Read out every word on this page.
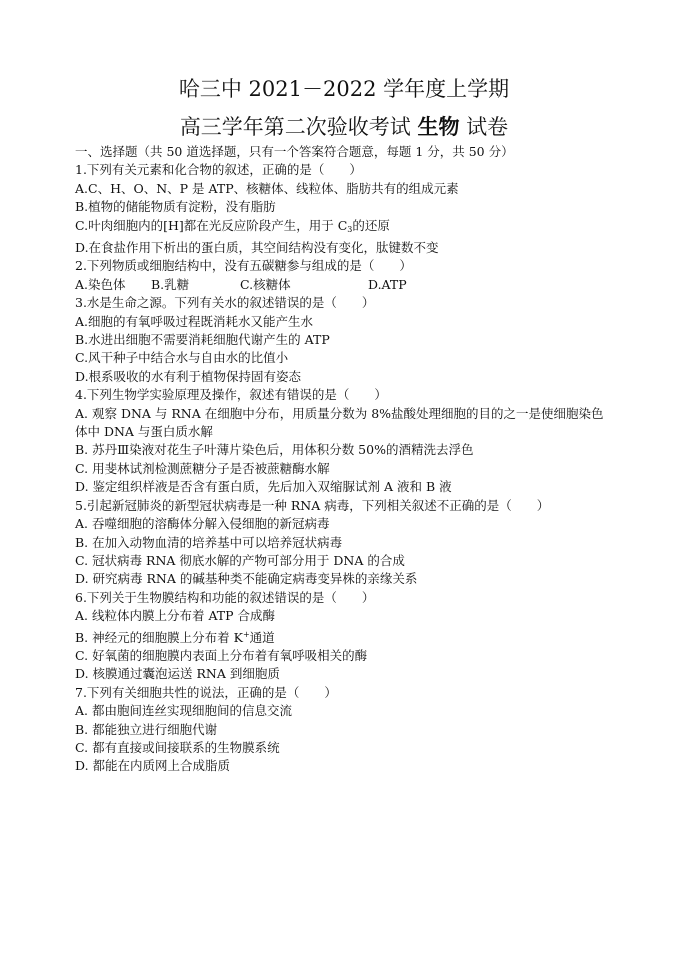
哈三中 2021－2022 学年度上学期
高三学年第二次验收考试 生物 试卷
一、选择题（共 50 道选择题，只有一个答案符合题意，每题 1 分，共 50 分）
1.下列有关元素和化合物的叙述，正确的是（　　）
A.C、H、O、N、P 是 ATP、核糖体、线粒体、脂肪共有的组成元素
B.植物的储能物质有淀粉，没有脂肪
C.叶肉细胞内的[H]都在光反应阶段产生，用于 $C_3$的还原
D.在食盐作用下析出的蛋白质，其空间结构没有变化，肽键数不变
2.下列物质或细胞结构中，没有五碳糖参与组成的是（　　）
A.染色体 B.乳糖	C.核糖体	D.ATP
3.水是生命之源。下列有关水的叙述错误的是（　　）
A.细胞的有氧呼吸过程既消耗水又能产生水
B.水进出细胞不需要消耗细胞代谢产生的 ATP
C.风干种子中结合水与自由水的比值小
D.根系吸收的水有利于植物保持固有姿态
4.下列生物学实验原理及操作，叙述有错误的是（　　）
A. 观察 DNA 与 RNA 在细胞中分布，用质量分数为 8%盐酸处理细胞的目的之一是使细胞染色体中 DNA 与蛋白质水解
B. 苏丹Ⅲ染液对花生子叶薄片染色后，用体积分数 50%的酒精洗去浮色
C. 用斐林试剂检测蔗糖分子是否被蔗糖酶水解
D. 鉴定组织样液是否含有蛋白质，先后加入双缩脲试剂 A 液和 B 液
5.引起新冠肺炎的新型冠状病毒是一种 RNA 病毒，下列相关叙述不正确的是（　　）
A. 吞噬细胞的溶酶体分解入侵细胞的新冠病毒
B. 在加入动物血清的培养基中可以培养冠状病毒
C. 冠状病毒 RNA 彻底水解的产物可部分用于 DNA 的合成
D. 研究病毒 RNA 的碱基种类不能确定病毒变异株的亲缘关系
6.下列关于生物膜结构和功能的叙述错误的是（　　）
A. 线粒体内膜上分布着 ATP 合成酶
B. 神经元的细胞膜上分布着 K+通道
C. 好氧菌的细胞膜内表面上分布着有氧呼吸相关的酶
D. 核膜通过囊泡运送 RNA 到细胞质
7.下列有关细胞共性的说法，正确的是（　　）
A. 都由胞间连丝实现细胞间的信息交流
B. 都能独立进行细胞代谢
C. 都有直接或间接联系的生物膜系统
D. 都能在内质网上合成脂质
